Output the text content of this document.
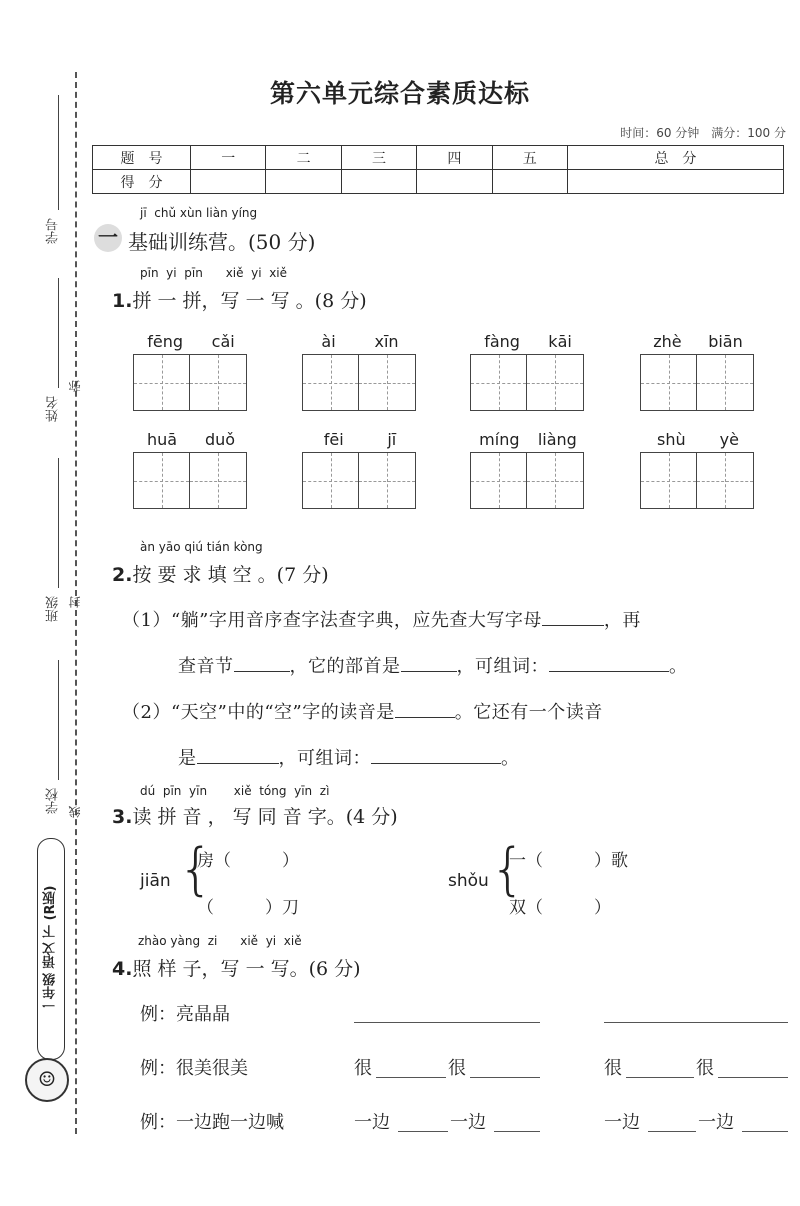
学号
姓名
弥
班级 封
学校 线
一年级 语文 下 (R版)
☺
第六单元综合素质达标
时间：60 分钟　满分：100 分
题　号	一	二	三	四	五	总　分
得　分						
jī  chǔ xùn liàn yíng
一 基础训练营。(50 分)
pīn  yi  pīn      xiě  yi  xiě
1.拼 一 拼，写 一 写 。(8 分)
fēng cǎi	ài xīn	fàng kāi	zhè biān
huā duǒ	fēi	jī	míng liàng	shù yè
àn yāo qiú tián kòng
2.按 要 求 填 空 。(7 分)
（1）“躺”字用音序查字法查字典，应先查大写字母	，再
查音节	，它的部首是	，可组词：	。
（2）“天空”中的“空”字的读音是	。它还有一个读音
是	，可组词：	。
dú  pīn  yīn       xiě  tóng  yīn  zì
3.读 拼 音 ， 写 同 音 字。(4 分)
jiān {
房（　　　）
（　　　）刀
shǒu {
一（　　　）歌
双（　　　）
zhào yàng  zi      xiě  yi  xiě
4.照 样 子，写 一 写。(6 分)
例：亮晶晶
例：很美很美	很	很	很	很
例：一边跑一边喊	一边	一边	一边	一边
